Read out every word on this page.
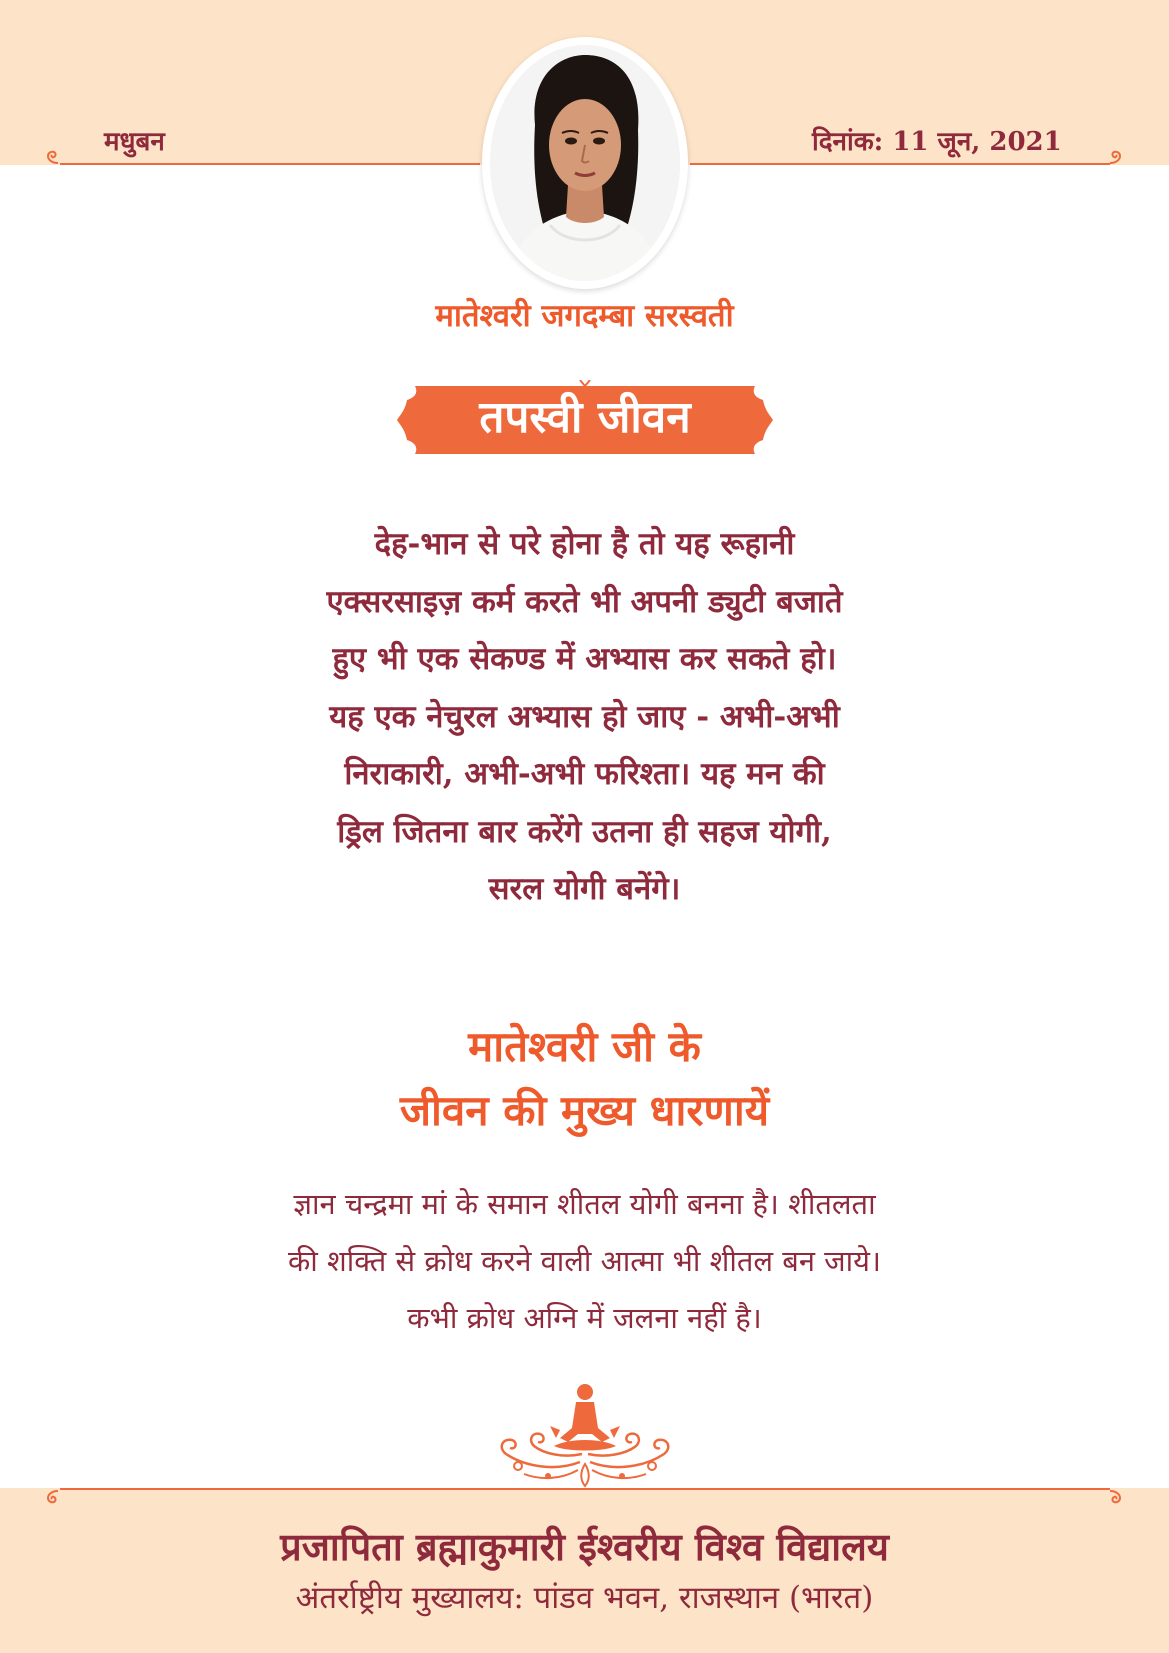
मधुबन	दिनांक: 11 जून, 2021
मातेश्वरी जगदम्बा सरस्वती
तपस्वी जीवन
देह-भान से परे होना है तो यह रूहानी
एक्सरसाइज़ कर्म करते भी अपनी ड्युटी बजाते
हुए भी एक सेकण्ड में अभ्यास कर सकते हो।
यह एक नेचुरल अभ्यास हो जाए - अभी-अभी
निराकारी, अभी-अभी फरिश्ता। यह मन की
ड्रिल जितना बार करेंगे उतना ही सहज योगी,
सरल योगी बनेंगे।
मातेश्वरी जी के
जीवन की मुख्य धारणायें
ज्ञान चन्द्रमा मां के समान शीतल योगी बनना है। शीतलता
की शक्ति से क्रोध करने वाली आत्मा भी शीतल बन जाये।
कभी क्रोध अग्नि में जलना नहीं है।
प्रजापिता ब्रह्माकुमारी ईश्वरीय विश्व विद्यालय
अंतर्राष्ट्रीय मुख्यालय: पांडव भवन, राजस्थान (भारत)
